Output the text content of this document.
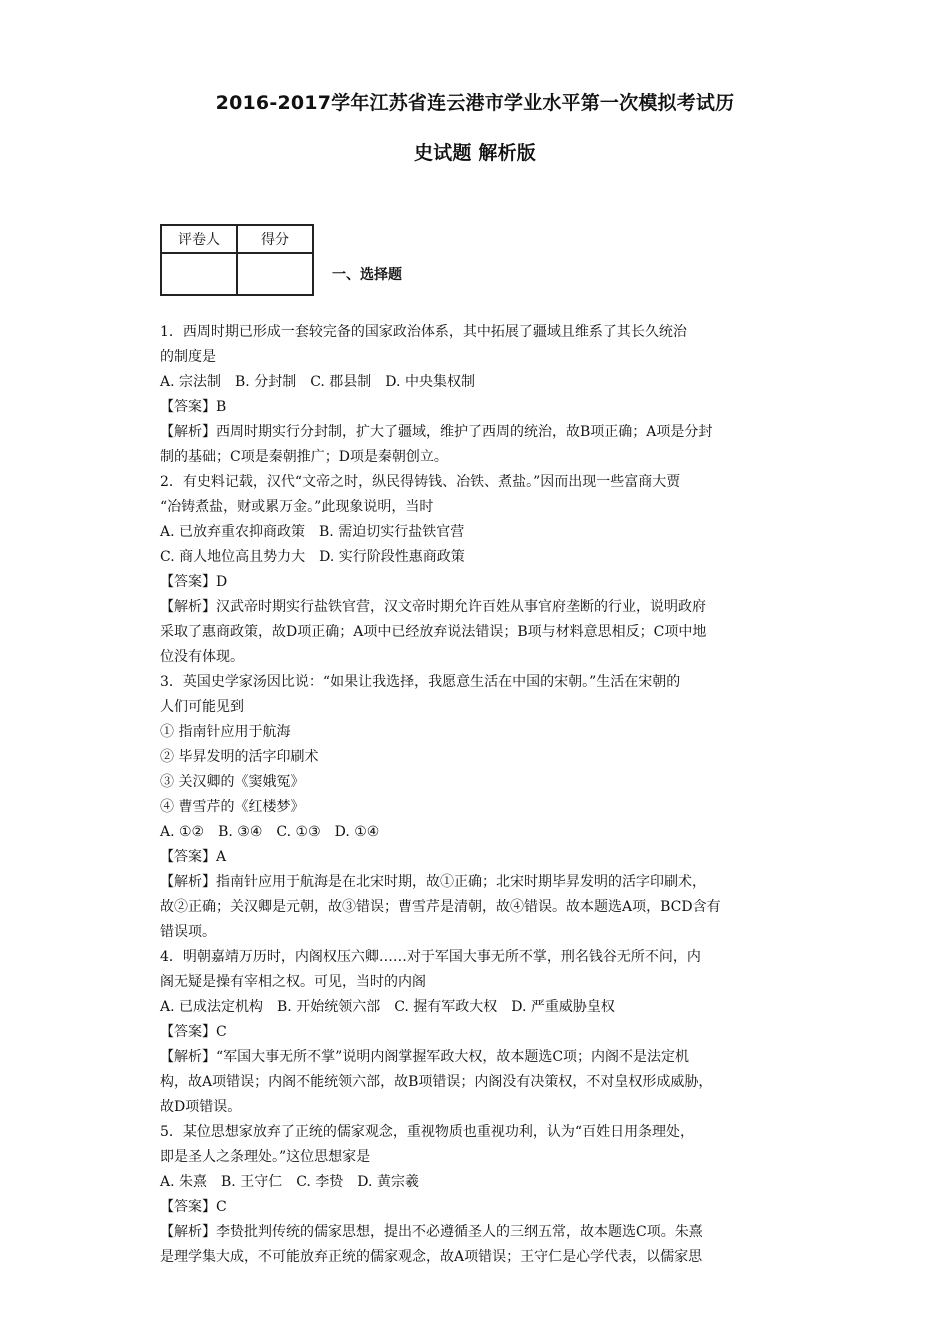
2016-2017学年江苏省连云港市学业水平第一次模拟考试历
史试题 解析版
评卷人	得分

一、选择题
1．西周时期已形成一套较完备的国家政治体系，其中拓展了疆域且维系了其长久统治
的制度是
A. 宗法制　B. 分封制　C. 郡县制　D. 中央集权制
【答案】B
【解析】西周时期实行分封制，扩大了疆域，维护了西周的统治，故B项正确；A项是分封
制的基础；C项是秦朝推广；D项是秦朝创立。
2．有史料记载，汉代“文帝之时，纵民得铸钱、冶铁、煮盐。”因而出现一些富商大贾
“冶铸煮盐，财或累万金。”此现象说明，当时
A. 已放弃重农抑商政策　B. 需迫切实行盐铁官营
C. 商人地位高且势力大　D. 实行阶段性惠商政策
【答案】D
【解析】汉武帝时期实行盐铁官营，汉文帝时期允许百姓从事官府垄断的行业，说明政府
采取了惠商政策，故D项正确；A项中已经放弃说法错误；B项与材料意思相反；C项中地
位没有体现。
3．英国史学家汤因比说：“如果让我选择，我愿意生活在中国的宋朝。”生活在宋朝的
人们可能见到
① 指南针应用于航海
② 毕昇发明的活字印刷术
③ 关汉卿的《窦娥冤》
④ 曹雪芹的《红楼梦》
A. ①②　B. ③④　C. ①③　D. ①④
【答案】A
【解析】指南针应用于航海是在北宋时期，故①正确；北宋时期毕昇发明的活字印刷术，
故②正确；关汉卿是元朝，故③错误；曹雪芹是清朝，故④错误。故本题选A项，BCD含有
错误项。
4．明朝嘉靖万历时，内阁权压六卿……对于军国大事无所不掌，刑名钱谷无所不问，内
阁无疑是操有宰相之权。可见，当时的内阁
A. 已成法定机构　B. 开始统领六部　C. 握有军政大权　D. 严重威胁皇权
【答案】C
【解析】“军国大事无所不掌”说明内阁掌握军政大权，故本题选C项；内阁不是法定机
构，故A项错误；内阁不能统领六部，故B项错误；内阁没有决策权，不对皇权形成威胁，
故D项错误。
5．某位思想家放弃了正统的儒家观念，重视物质也重视功利，认为“百姓日用条理处，
即是圣人之条理处。”这位思想家是
A. 朱熹　B. 王守仁　C. 李贽　D. 黄宗羲
【答案】C
【解析】李贽批判传统的儒家思想，提出不必遵循圣人的三纲五常，故本题选C项。朱熹
是理学集大成，不可能放弃正统的儒家观念，故A项错误；王守仁是心学代表，以儒家思
